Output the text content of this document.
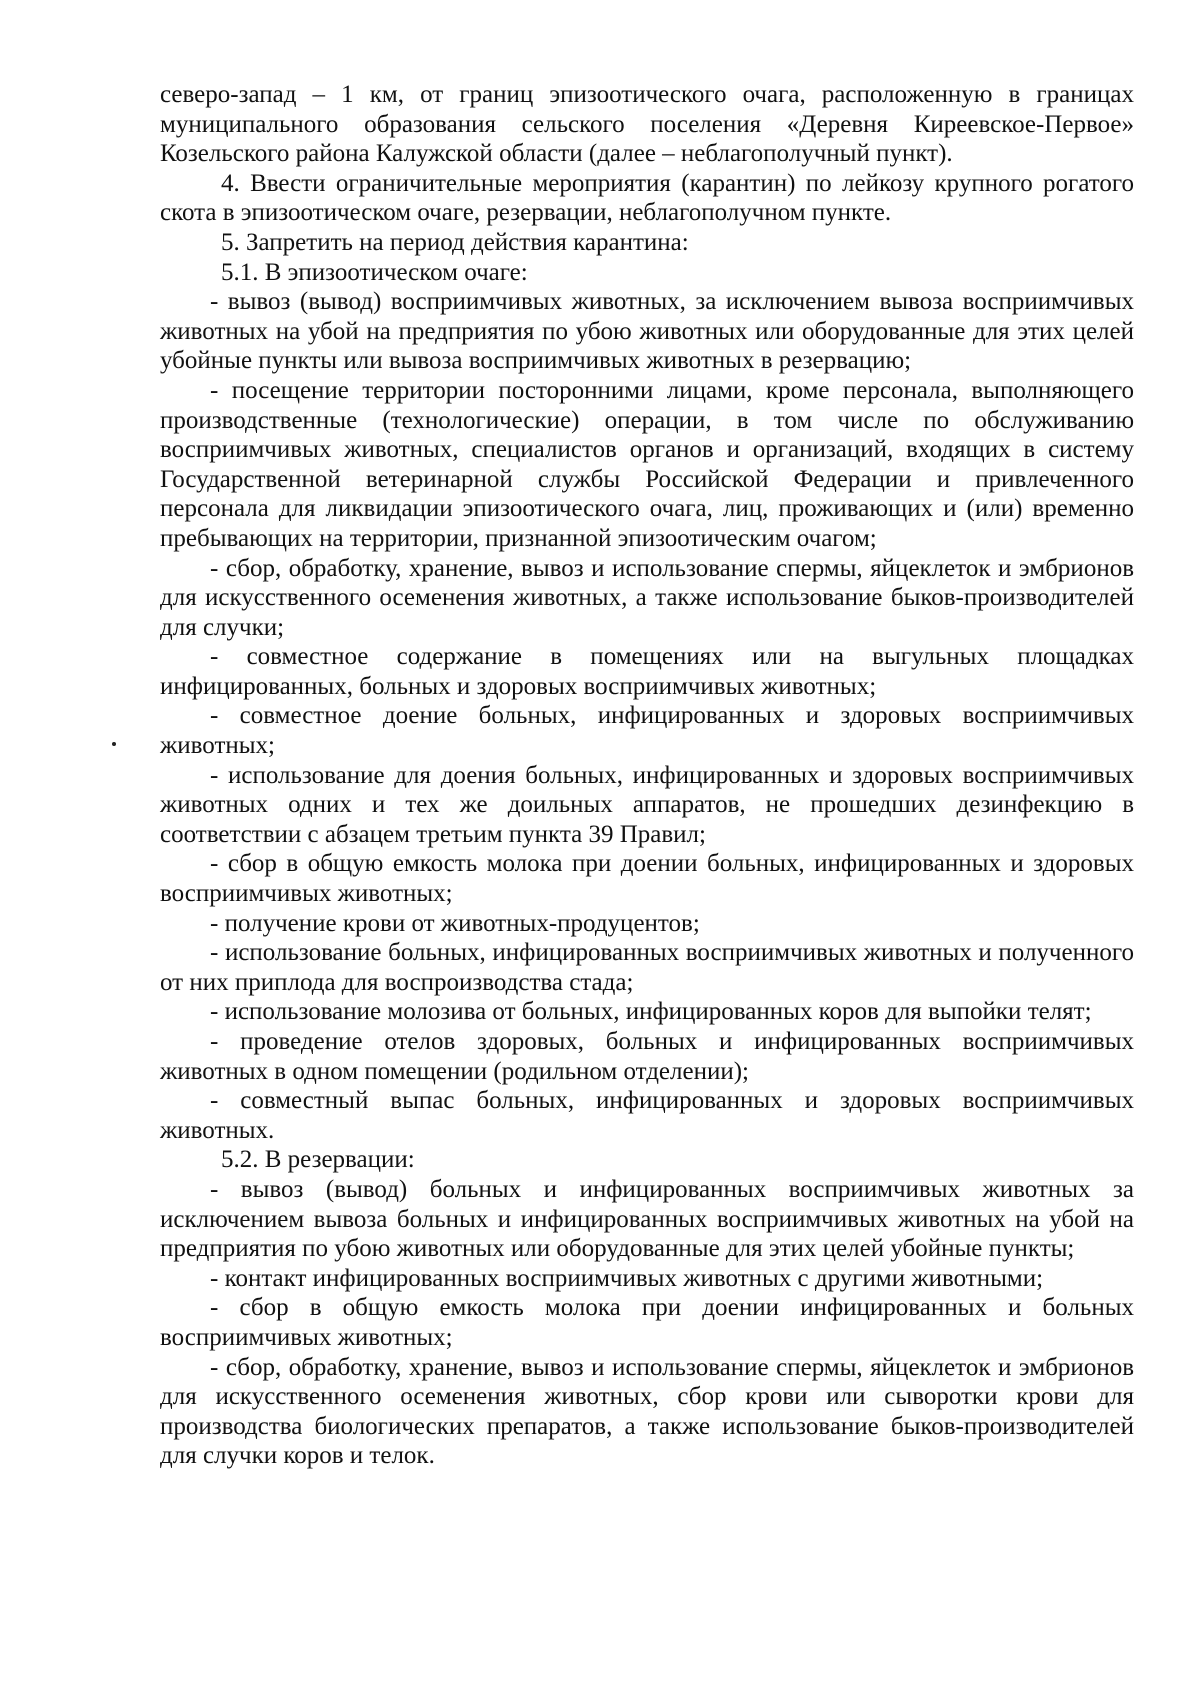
северо-запад – 1 км, от границ эпизоотического очага, расположенную в границах муниципального образования сельского поселения «Деревня Киреевское-Первое» Козельского района Калужской области (далее – неблагополучный пункт).

4. Ввести ограничительные мероприятия (карантин) по лейкозу крупного рогатого скота в эпизоотическом очаге, резервации, неблагополучном пункте.

5. Запретить на период действия карантина:

5.1. В эпизоотическом очаге:

- вывоз (вывод) восприимчивых животных, за исключением вывоза восприимчивых животных на убой на предприятия по убою животных или оборудованные для этих целей убойные пункты или вывоза восприимчивых животных в резервацию;

- посещение территории посторонними лицами, кроме персонала, выполняющего производственные (технологические) операции, в том числе по обслуживанию восприимчивых животных, специалистов органов и организаций, входящих в систему Государственной ветеринарной службы Российской Федерации и привлеченного персонала для ликвидации эпизоотического очага, лиц, проживающих и (или) временно пребывающих на территории, признанной эпизоотическим очагом;

- сбор, обработку, хранение, вывоз и использование спермы, яйцеклеток и эмбрионов для искусственного осеменения животных, а также использование быков-производителей для случки;

- совместное содержание в помещениях или на выгульных площадках инфицированных, больных и здоровых восприимчивых животных;

- совместное доение больных, инфицированных и здоровых восприимчивых животных;

- использование для доения больных, инфицированных и здоровых восприимчивых животных одних и тех же доильных аппаратов, не прошедших дезинфекцию в соответствии с абзацем третьим пункта 39 Правил;

- сбор в общую емкость молока при доении больных, инфицированных и здоровых восприимчивых животных;

- получение крови от животных-продуцентов;

- использование больных, инфицированных восприимчивых животных и полученного от них приплода для воспроизводства стада;

- использование молозива от больных, инфицированных коров для выпойки телят;

- проведение отелов здоровых, больных и инфицированных восприимчивых животных в одном помещении (родильном отделении);

- совместный выпас больных, инфицированных и здоровых восприимчивых животных.

5.2. В резервации:

- вывоз (вывод) больных и инфицированных восприимчивых животных за исключением вывоза больных и инфицированных восприимчивых животных на убой на предприятия по убою животных или оборудованные для этих целей убойные пункты;

- контакт инфицированных восприимчивых животных с другими животными;

- сбор в общую емкость молока при доении инфицированных и больных восприимчивых животных;

- сбор, обработку, хранение, вывоз и использование спермы, яйцеклеток и эмбрионов для искусственного осеменения животных, сбор крови или сыворотки крови для производства биологических препаратов, а также использование быков-производителей для случки коров и телок.
